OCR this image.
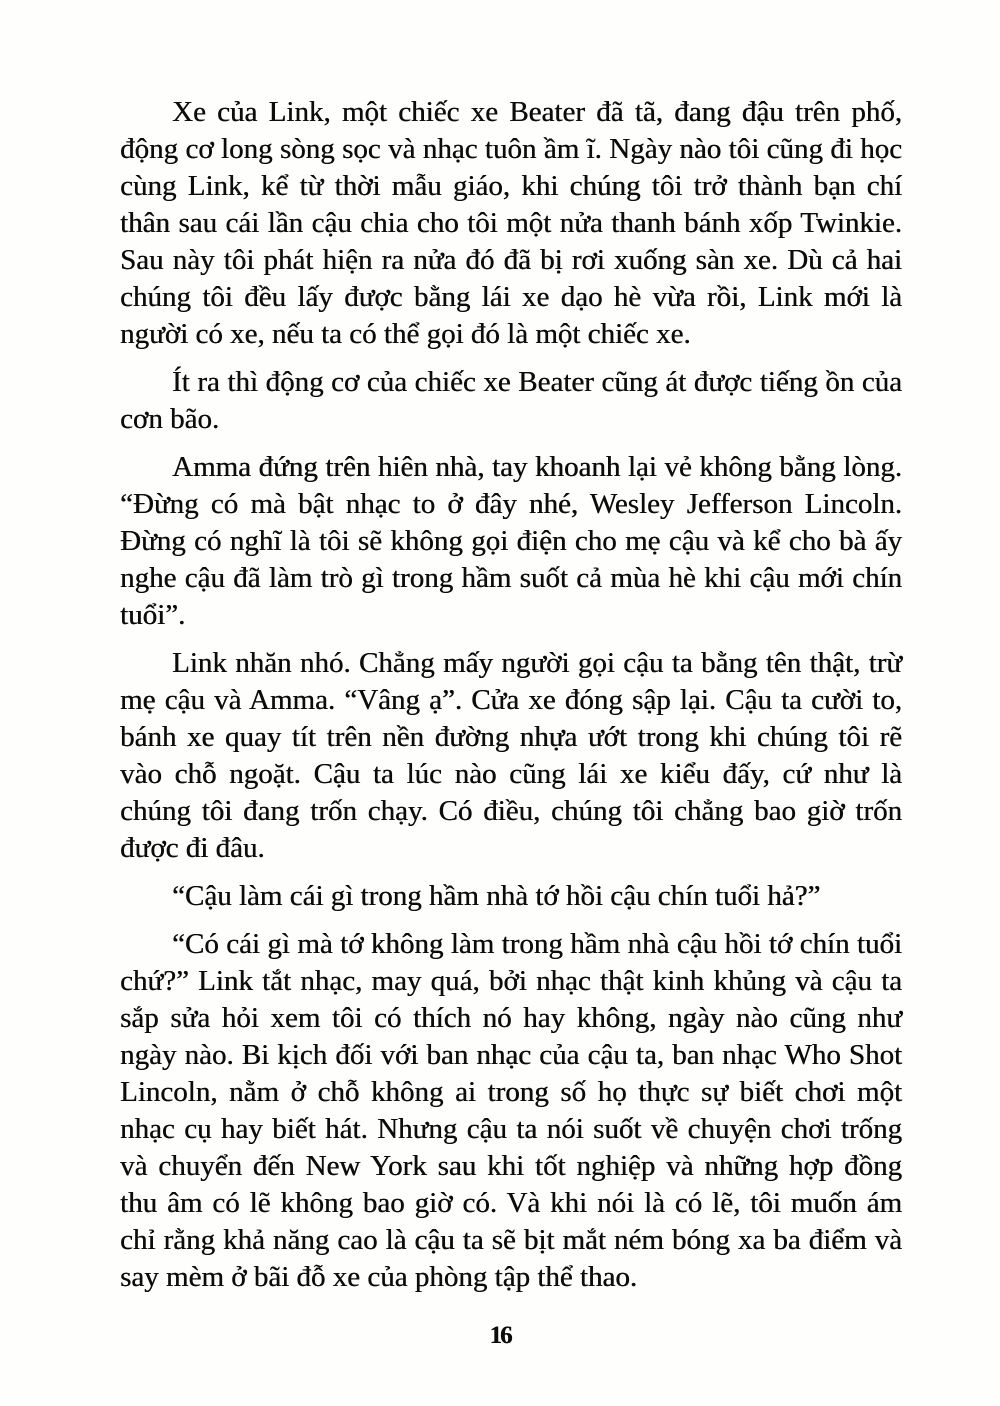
Xe của Link, một chiếc xe Beater đã tã, đang đậu trên phố, động cơ long sòng sọc và nhạc tuôn ầm ĩ. Ngày nào tôi cũng đi học cùng Link, kể từ thời mẫu giáo, khi chúng tôi trở thành bạn chí thân sau cái lần cậu chia cho tôi một nửa thanh bánh xốp Twinkie. Sau này tôi phát hiện ra nửa đó đã bị rơi xuống sàn xe. Dù cả hai chúng tôi đều lấy được bằng lái xe dạo hè vừa rồi, Link mới là người có xe, nếu ta có thể gọi đó là một chiếc xe.

Ít ra thì động cơ của chiếc xe Beater cũng át được tiếng ồn của cơn bão.

Amma đứng trên hiên nhà, tay khoanh lại vẻ không bằng lòng. “Đừng có mà bật nhạc to ở đây nhé, Wesley Jefferson Lincoln. Đừng có nghĩ là tôi sẽ không gọi điện cho mẹ cậu và kể cho bà ấy nghe cậu đã làm trò gì trong hầm suốt cả mùa hè khi cậu mới chín tuổi”.

Link nhăn nhó. Chẳng mấy người gọi cậu ta bằng tên thật, trừ mẹ cậu và Amma. “Vâng ạ”. Cửa xe đóng sập lại. Cậu ta cười to, bánh xe quay tít trên nền đường nhựa ướt trong khi chúng tôi rẽ vào chỗ ngoặt. Cậu ta lúc nào cũng lái xe kiểu đấy, cứ như là chúng tôi đang trốn chạy. Có điều, chúng tôi chẳng bao giờ trốn được đi đâu.

“Cậu làm cái gì trong hầm nhà tớ hồi cậu chín tuổi hả?”

“Có cái gì mà tớ không làm trong hầm nhà cậu hồi tớ chín tuổi chứ?” Link tắt nhạc, may quá, bởi nhạc thật kinh khủng và cậu ta sắp sửa hỏi xem tôi có thích nó hay không, ngày nào cũng như ngày nào. Bi kịch đối với ban nhạc của cậu ta, ban nhạc Who Shot Lincoln, nằm ở chỗ không ai trong số họ thực sự biết chơi một nhạc cụ hay biết hát. Nhưng cậu ta nói suốt về chuyện chơi trống và chuyển đến New York sau khi tốt nghiệp và những hợp đồng thu âm có lẽ không bao giờ có. Và khi nói là có lẽ, tôi muốn ám chỉ rằng khả năng cao là cậu ta sẽ bịt mắt ném bóng xa ba điểm và say mèm ở bãi đỗ xe của phòng tập thể thao.

16
